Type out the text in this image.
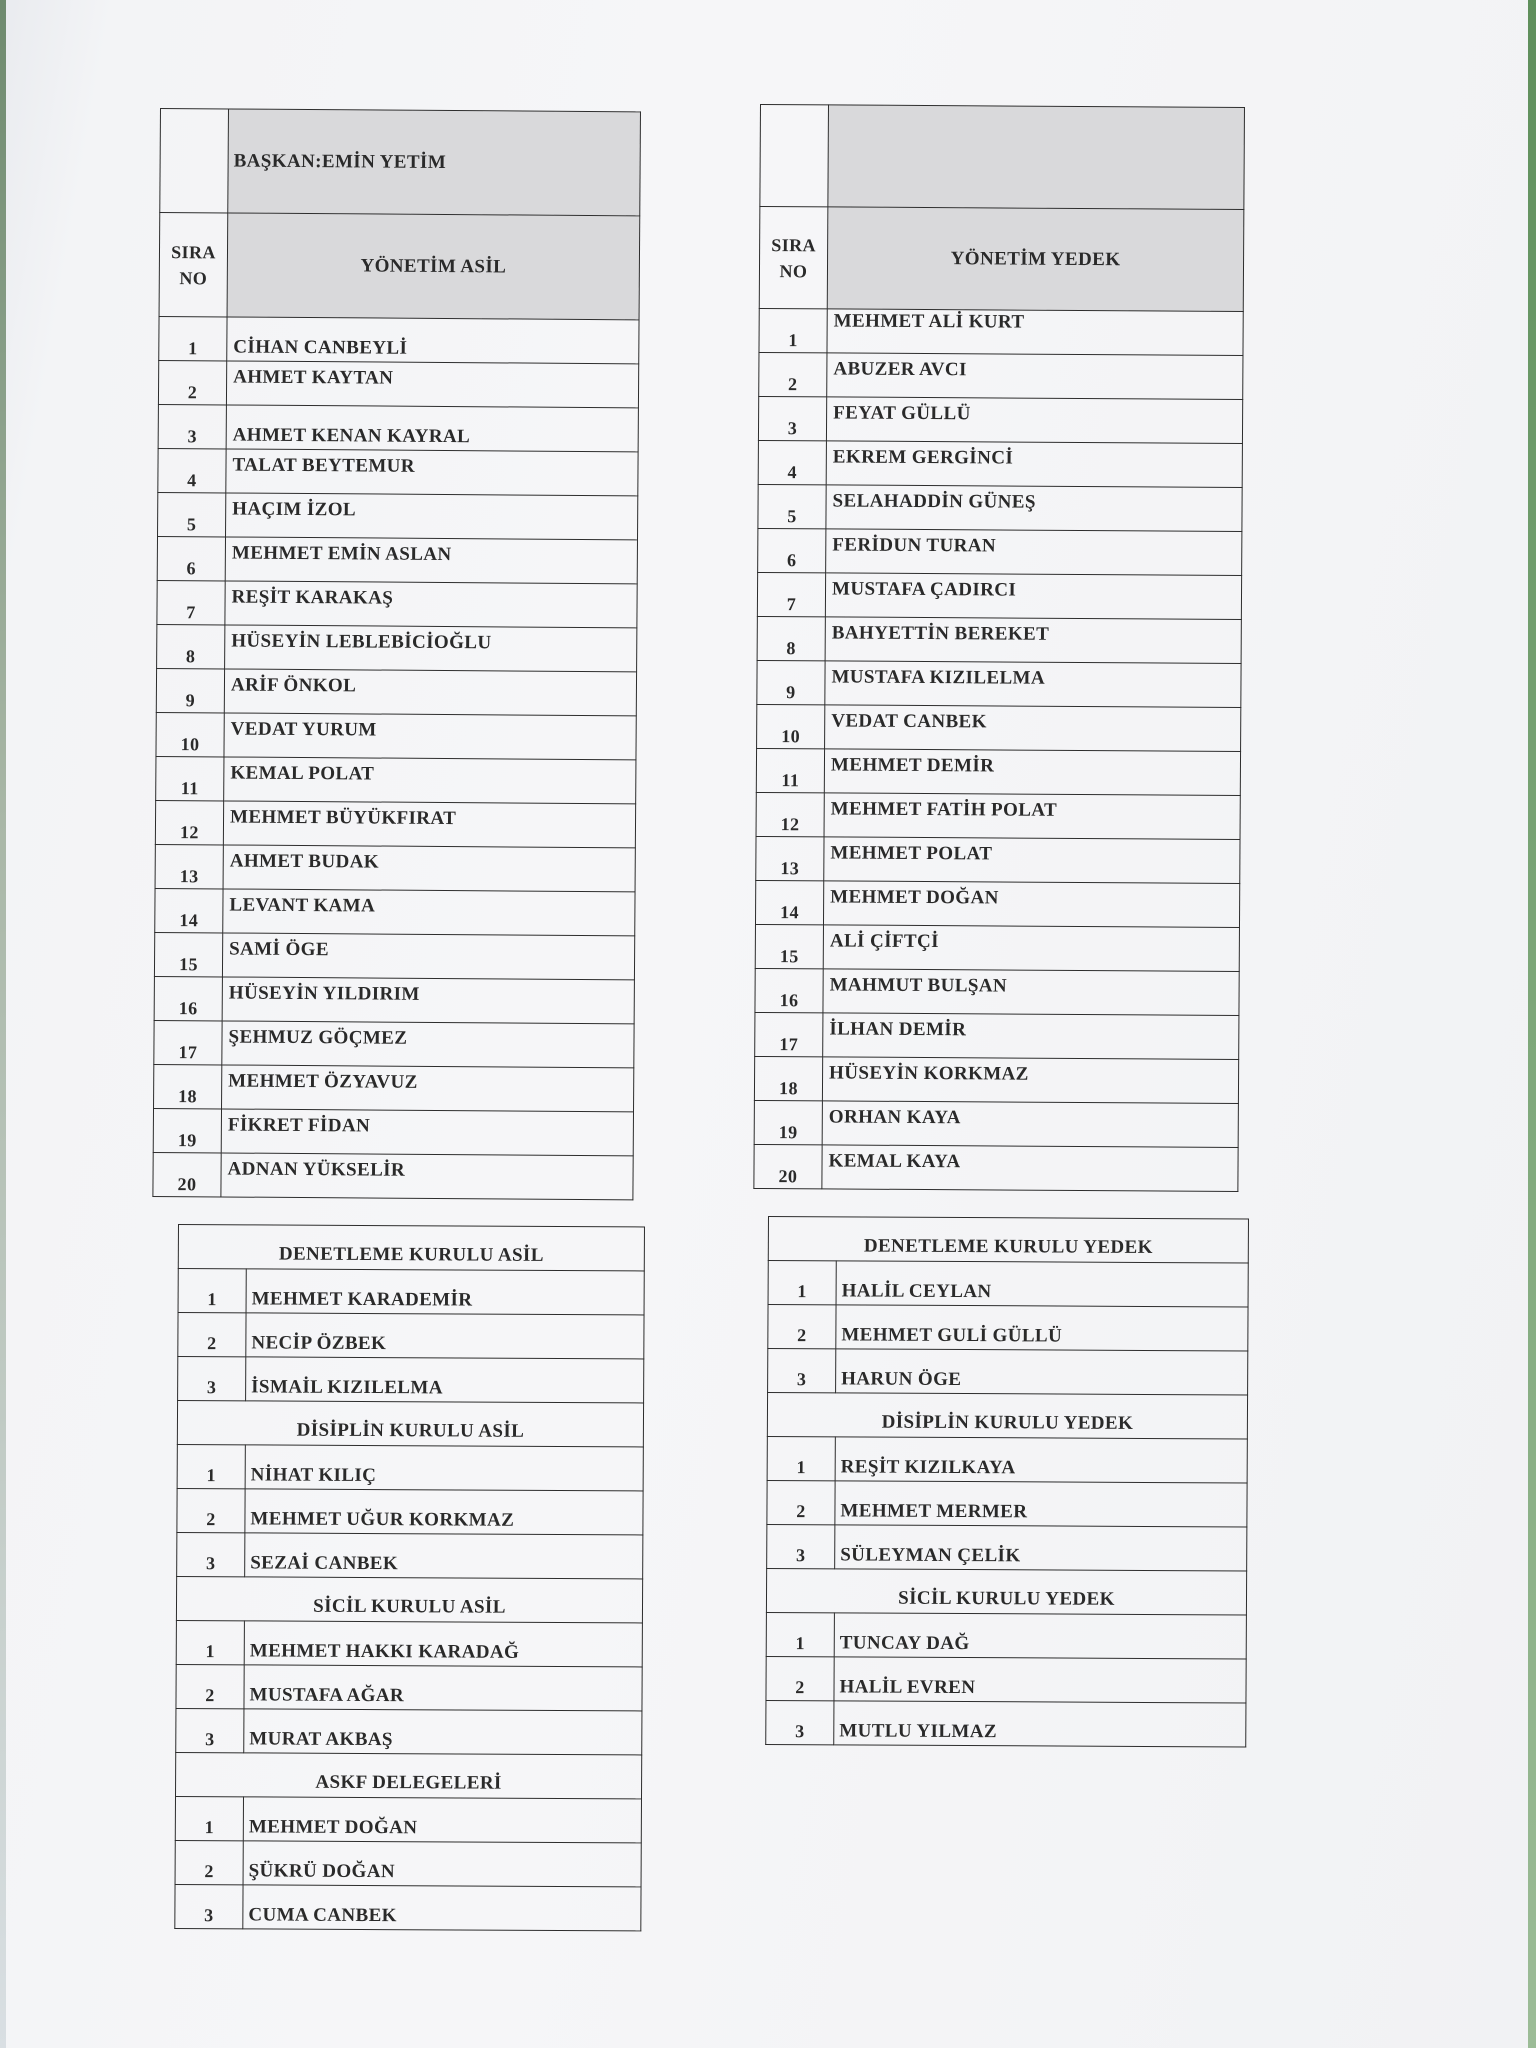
	BAŞKAN:EMİN YETİM
SIRA
NO	YÖNETİM ASİL
1	CİHAN CANBEYLİ
2	AHMET KAYTAN
3	AHMET KENAN KAYRAL
4	TALAT BEYTEMUR
5	HAÇIM İZOL
6	MEHMET EMİN ASLAN
7	REŞİT KARAKAŞ
8	HÜSEYİN LEBLEBİCİOĞLU
9	ARİF ÖNKOL
10	VEDAT YURUM
11	KEMAL POLAT
12	MEHMET BÜYÜKFIRAT
13	AHMET BUDAK
14	LEVANT KAMA
15	SAMİ ÖGE
16	HÜSEYİN YILDIRIM
17	ŞEHMUZ GÖÇMEZ
18	MEHMET ÖZYAVUZ
19	FİKRET FİDAN
20	ADNAN YÜKSELİR

SIRA
NO	YÖNETİM YEDEK
1	MEHMET ALİ KURT
2	ABUZER AVCI
3	FEYAT GÜLLÜ
4	EKREM GERGİNCİ
5	SELAHADDİN GÜNEŞ
6	FERİDUN TURAN
7	MUSTAFA ÇADIRCI
8	BAHYETTİN BEREKET
9	MUSTAFA KIZILELMA
10	VEDAT CANBEK
11	MEHMET DEMİR
12	MEHMET FATİH POLAT
13	MEHMET POLAT
14	MEHMET DOĞAN
15	ALİ ÇİFTÇİ
16	MAHMUT BULŞAN
17	İLHAN DEMİR
18	HÜSEYİN KORKMAZ
19	ORHAN KAYA
20	KEMAL KAYA
DENETLEME KURULU ASİL	
1	MEHMET KARADEMİR
2	NECİP ÖZBEK
3	İSMAİL KIZILELMA
DİSİPLİN KURULU ASİL	
1	NİHAT KILIÇ
2	MEHMET UĞUR KORKMAZ
3	SEZAİ CANBEK
SİCİL KURULU ASİL	
1	MEHMET HAKKI KARADAĞ
2	MUSTAFA AĞAR
3	MURAT AKBAŞ
ASKF DELEGELERİ	
1	MEHMET DOĞAN
2	ŞÜKRÜ DOĞAN
3	CUMA CANBEK
DENETLEME KURULU YEDEK	
1	HALİL CEYLAN
2	MEHMET GULİ GÜLLÜ
3	HARUN ÖGE
DİSİPLİN KURULU YEDEK	
1	REŞİT KIZILKAYA
2	MEHMET MERMER
3	SÜLEYMAN ÇELİK
SİCİL KURULU YEDEK	
1	TUNCAY DAĞ
2	HALİL EVREN
3	MUTLU YILMAZ
